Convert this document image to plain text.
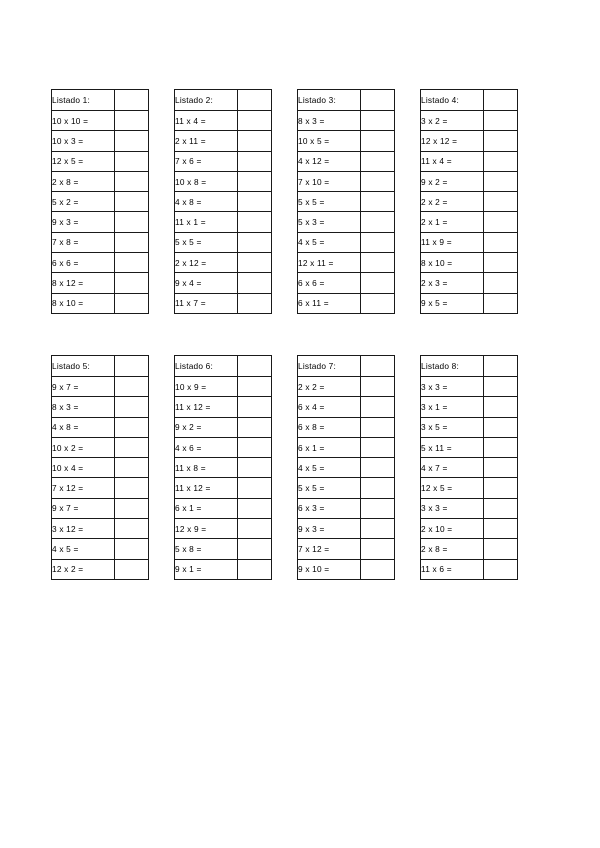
Listado 1:	
10 x 10 =	
10 x 3 =	
12 x 5 =	
2 x 8 =	
5 x 2 =	
9 x 3 =	
7 x 8 =	
6 x 6 =	
8 x 12 =	
8 x 10 =	
Listado 2:	
11 x 4 =	
2 x 11 =	
7 x 6 =	
10 x 8 =	
4 x 8 =	
11 x 1 =	
5 x 5 =	
2 x 12 =	
9 x 4 =	
11 x 7 =	
Listado 3:	
8 x 3 =	
10 x 5 =	
4 x 12 =	
7 x 10 =	
5 x 5 =	
5 x 3 =	
4 x 5 =	
12 x 11 =	
6 x 6 =	
6 x 11 =	
Listado 4:	
3 x 2 =	
12 x 12 =	
11 x 4 =	
9 x 2 =	
2 x 2 =	
2 x 1 =	
11 x 9 =	
8 x 10 =	
2 x 3 =	
9 x 5 =	
Listado 5:	
9 x 7 =	
8 x 3 =	
4 x 8 =	
10 x 2 =	
10 x 4 =	
7 x 12 =	
9 x 7 =	
3 x 12 =	
4 x 5 =	
12 x 2 =	
Listado 6:	
10 x 9 =	
11 x 12 =	
9 x 2 =	
4 x 6 =	
11 x 8 =	
11 x 12 =	
6 x 1 =	
12 x 9 =	
5 x 8 =	
9 x 1 =	
Listado 7:	
2 x 2 =	
6 x 4 =	
6 x 8 =	
6 x 1 =	
4 x 5 =	
5 x 5 =	
6 x 3 =	
9 x 3 =	
7 x 12 =	
9 x 10 =	
Listado 8:	
3 x 3 =	
3 x 1 =	
3 x 5 =	
5 x 11 =	
4 x 7 =	
12 x 5 =	
3 x 3 =	
2 x 10 =	
2 x 8 =	
11 x 6 =	
